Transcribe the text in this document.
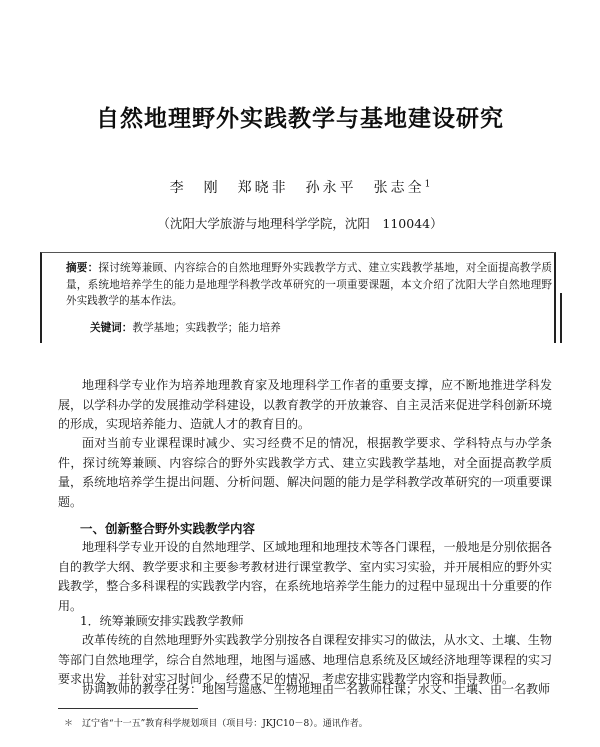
自然地理野外实践教学与基地建设研究
李　刚　郑晓非　孙永平　张志全$^1$
（沈阳大学旅游与地理科学学院，沈阳　110044）
摘要：探讨统筹兼顾、内容综合的自然地理野外实践教学方式、建立实践教学基地，对全面提高教学质量，系统地培养学生的能力是地理学科教学改革研究的一项重要课题，本文介绍了沈阳大学自然地理野外实践教学的基本作法。
关键词：教学基地；实践教学；能力培养
地理科学专业作为培养地理教育家及地理科学工作者的重要支撑，应不断地推进学科发展，以学科办学的发展推动学科建设，以教育教学的开放兼容、自主灵活来促进学科创新环境的形成，实现培养能力、造就人才的教育目的。
面对当前专业课程课时减少、实习经费不足的情况，根据教学要求、学科特点与办学条件，探讨统筹兼顾、内容综合的野外实践教学方式、建立实践教学基地，对全面提高教学质量，系统地培养学生提出问题、分析问题、解决问题的能力是学科教学改革研究的一项重要课题。
一、创新整合野外实践教学内容
地理科学专业开设的自然地理学、区域地理和地理技术等各门课程，一般地是分别依据各自的教学大纲、教学要求和主要参考教材进行课堂教学、室内实习实验，并开展相应的野外实践教学，整合多科课程的实践教学内容，在系统地培养学生能力的过程中显现出十分重要的作用。
1．统筹兼顾安排实践教学教师
改革传统的自然地理野外实践教学分别按各自课程安排实习的做法，从水文、土壤、生物等部门自然地理学，综合自然地理，地图与遥感、地理信息系统及区域经济地理等课程的实习要求出发，并针对实习时间少，经费不足的情况，考虑安排实践教学内容和指导教师。
协调教师的教学任务：地图与遥感、生物地理由一名教师任课；水文、土壤、由一名教师
＊　辽宁省“十一五”教育科学规划项目（项目号：JKJC10－8）。通讯作者。
